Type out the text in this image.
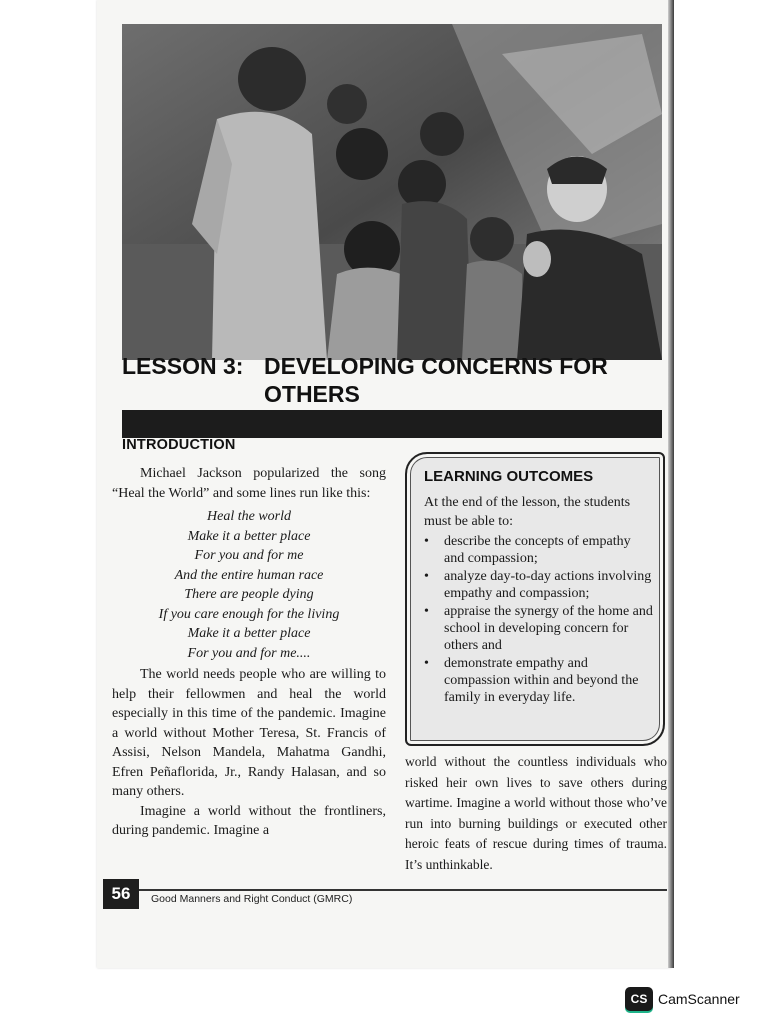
LESSON 3: DEVELOPING CONCERNS FOR OTHERS
INTRODUCTION

Michael Jackson popularized the song “Heal the World” and some lines run like this:

Heal the world
Make it a better place
For you and for me
And the entire human race
There are people dying
If you care enough for the living
Make it a better place
For you and for me....

The world needs people who are willing to help their fellowmen and heal the world especially in this time of the pandemic. Imagine a world without Mother Teresa, St. Francis of Assisi, Nelson Mandela, Mahatma Gandhi, Efren Peñaflorida, Jr., Randy Halasan, and so many others.

Imagine a world without the frontliners, during pandemic. Imagine a

LEARNING OUTCOMES
At the end of the lesson, the students must be able to:
• describe the concepts of empathy and compassion;
• analyze day-to-day actions involving empathy and compassion;
• appraise the synergy of the home and school in developing concern for others and
• demonstrate empathy and compassion within and beyond the family in everyday life.
world without the countless individuals who risked heir own lives to save others during wartime. Imagine a world without those who’ve run into burning buildings or executed other heroic feats of rescue during times of trauma. It’s unthinkable.
56	Good Manners and Right Conduct (GMRC)
CS CamScanner
